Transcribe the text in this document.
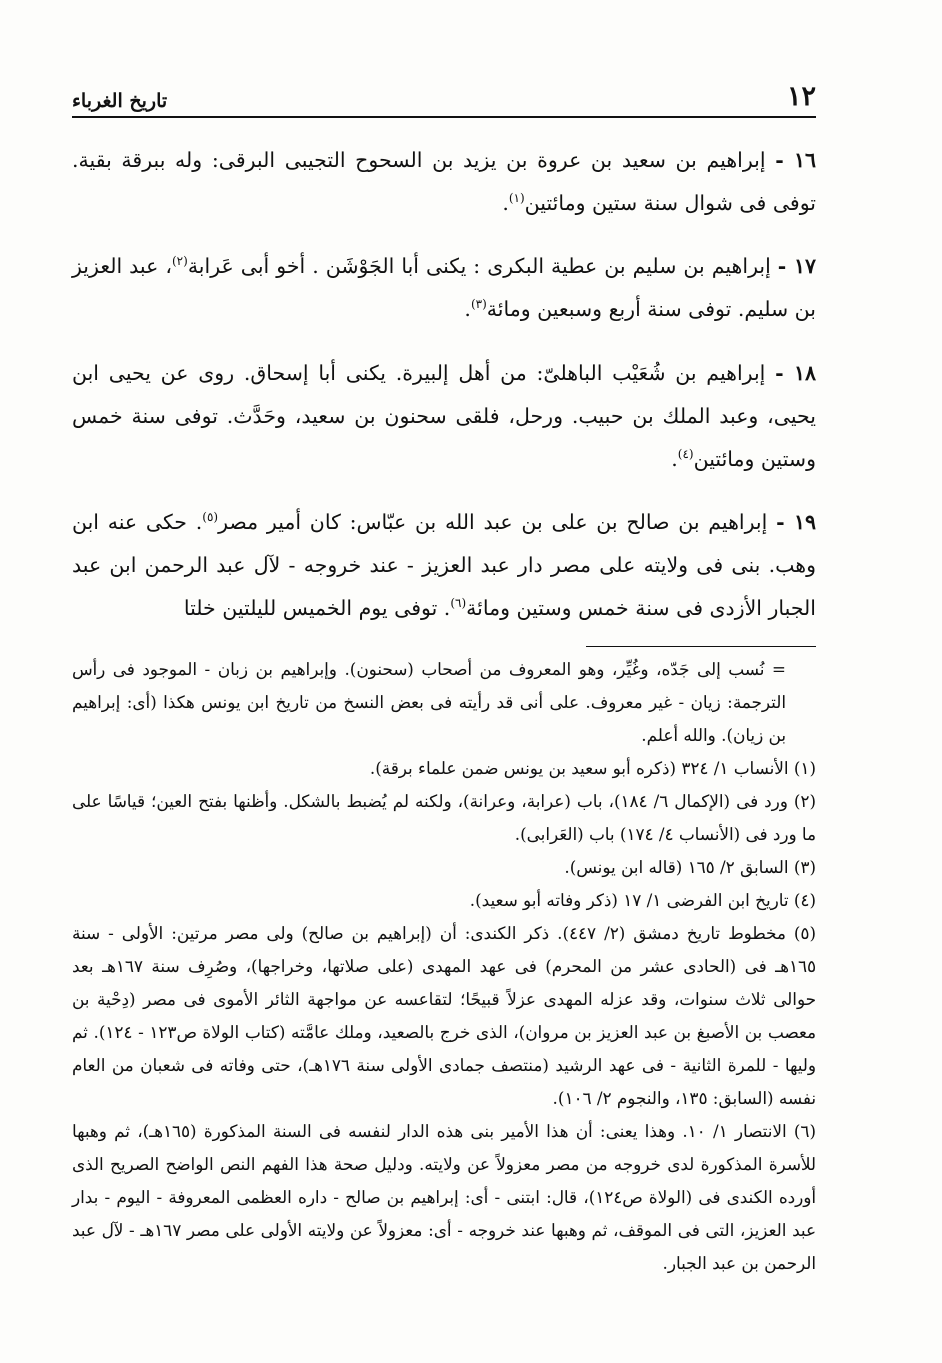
١٢
تاريخ الغرباء

١٦ - إبراهيم بن سعيد بن عروة بن يزيد بن السحوح التجيبى البرقى: وله ببرقة بقية. توفى فى شوال سنة ستين ومائتين$^{(١)}$.

١٧ - إبراهيم بن سليم بن عطية البكرى : يكنى أبا الجَوْشَن . أخو أبى عَرابة$^{(٢)}$، عبد العزيز بن سليم. توفى سنة أربع وسبعين ومائة$^{(٣)}$.

١٨ - إبراهيم بن شُعَيْب الباهلىّ: من أهل إلبيرة. يكنى أبا إسحاق. روى عن يحيى ابن يحيى، وعبد الملك بن حبيب. ورحل، فلقى سحنون بن سعيد، وحَدَّث. توفى سنة خمس وستين ومائتين$^{(٤)}$.

١٩ - إبراهيم بن صالح بن على بن عبد الله بن عبّاس: كان أمير مصر$^{(٥)}$. حكى عنه ابن وهب. بنى فى ولايته على مصر دار عبد العزيز - عند خروجه - لآل عبد الرحمن ابن عبد الجبار الأزدى فى سنة خمس وستين ومائة$^{(٦)}$. توفى يوم الخميس لليلتين خلتا

= نُسب إلى جَدّه، وغُيِّر، وهو المعروف من أصحاب (سحنون). وإبراهيم بن زبان - الموجود فى رأس الترجمة: زيان - غير معروف. على أنى قد رأيته فى بعض النسخ من تاريخ ابن يونس هكذا (أى: إبراهيم بن زيان). والله أعلم.

(١) الأنساب ١/ ٣٢٤ (ذكره أبو سعيد بن يونس ضمن علماء برقة).

(٢) ورد فى (الإكمال ٦/ ١٨٤)، باب (عرابة، وعرانة)، ولكنه لم يُضبط بالشكل. وأظنها بفتح العين؛ قياسًا على ما ورد فى (الأنساب ٤/ ١٧٤) باب (العَرابى).

(٣) السابق ٢/ ١٦٥ (قاله ابن يونس).

(٤) تاريخ ابن الفرضى ١/ ١٧ (ذكر وفاته أبو سعيد).

(٥) مخطوط تاريخ دمشق (٢/ ٤٤٧). ذكر الكندى: أن (إبراهيم بن صالح) ولى مصر مرتين: الأولى - سنة ١٦٥هـ فى (الحادى عشر من المحرم) فى عهد المهدى (على صلاتها، وخراجها)، وصُرِف سنة ١٦٧هـ بعد حوالى ثلاث سنوات، وقد عزله المهدى عزلاً قبيحًا؛ لتقاعسه عن مواجهة الثائر الأموى فى مصر (دِحْية بن معصب بن الأصبغ بن عبد العزيز بن مروان)، الذى خرج بالصعيد، وملك عامَّته (كتاب الولاة ص١٢٣ - ١٢٤). ثم وليها - للمرة الثانية - فى عهد الرشيد (منتصف جمادى الأولى سنة ١٧٦هـ)، حتى وفاته فى شعبان من العام نفسه (السابق: ١٣٥، والنجوم ٢/ ١٠٦).

(٦) الانتصار ١/ ١٠. وهذا يعنى: أن هذا الأمير بنى هذه الدار لنفسه فى السنة المذكورة (١٦٥هـ)، ثم وهبها للأسرة المذكورة لدى خروجه من مصر معزولاً عن ولايته. ودليل صحة هذا الفهم النص الواضح الصريح الذى أورده الكندى فى (الولاة ص١٢٤)، قال: ابتنى - أى: إبراهيم بن صالح - داره العظمى المعروفة - اليوم - بدار عبد العزيز، التى فى الموقف، ثم وهبها عند خروجه - أى: معزولاً عن ولايته الأولى على مصر ١٦٧هـ - لآل عبد الرحمن بن عبد الجبار.
